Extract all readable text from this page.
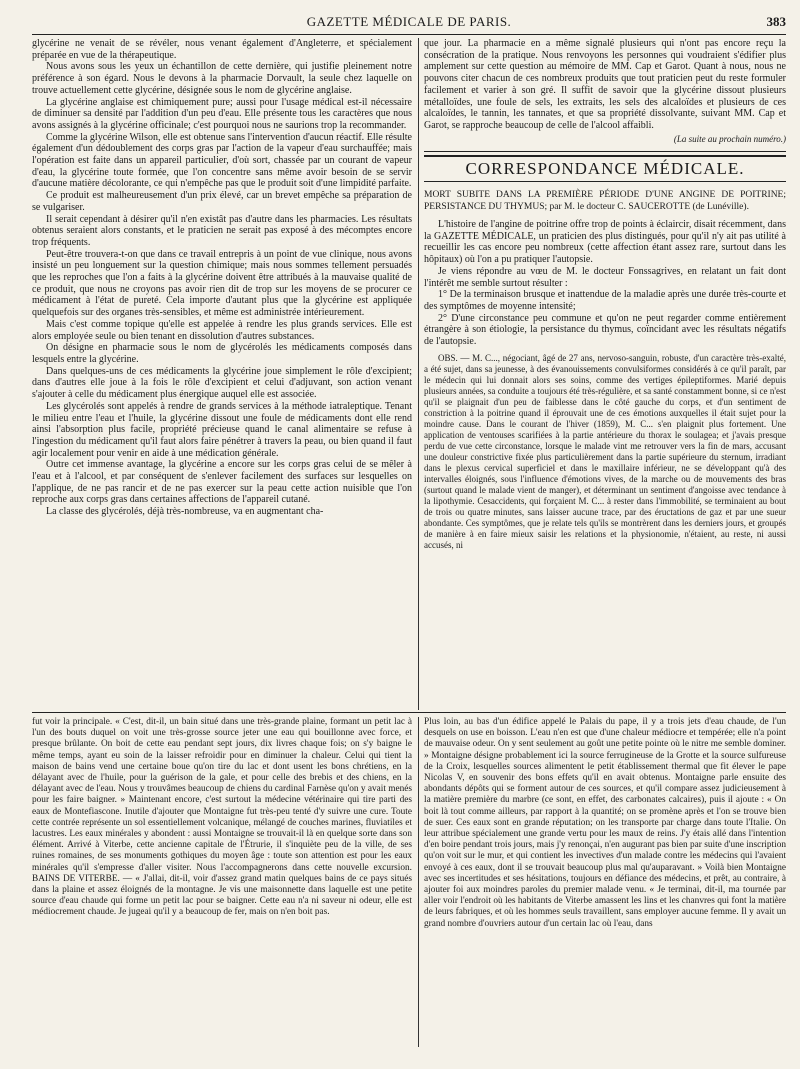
GAZETTE MÉDICALE DE PARIS.	383

glycérine ne venait de se révéler, nous venant également d'Angleterre, et spécialement préparée en vue de la thérapeutique.

Nous avons sous les yeux un échantillon de cette dernière, qui justifie pleinement notre préférence à son égard. Nous le devons à la pharmacie Dorvault, la seule chez laquelle on trouve actuellement cette glycérine, désignée sous le nom de glycérine anglaise.

La glycérine anglaise est chimiquement pure; aussi pour l'usage médical est-il nécessaire de diminuer sa densité par l'addition d'un peu d'eau. Elle présente tous les caractères que nous avons assignés à la glycérine officinale; c'est pourquoi nous ne saurions trop la recommander.

Comme la glycérine Wilson, elle est obtenue sans l'intervention d'aucun réactif. Elle résulte également d'un dédoublement des corps gras par l'action de la vapeur d'eau surchauffée; mais l'opération est faite dans un appareil particulier, d'où sort, chassée par un courant de vapeur d'eau, la glycérine toute formée, que l'on concentre sans même avoir besoin de se servir d'aucune matière décolorante, ce qui n'empêche pas que le produit soit d'une limpidité parfaite.

Ce produit est malheureusement d'un prix élevé, car un brevet empêche sa préparation de se vulgariser.

Il serait cependant à désirer qu'il n'en existât pas d'autre dans les pharmacies. Les résultats obtenus seraient alors constants, et le praticien ne serait pas exposé à des mécomptes encore trop fréquents.

Peut-être trouvera-t-on que dans ce travail entrepris à un point de vue clinique, nous avons insisté un peu longuement sur la question chimique; mais nous sommes tellement persuadés que les reproches que l'on a faits à la glycérine doivent être attribués à la mauvaise qualité de ce produit, que nous ne croyons pas avoir rien dit de trop sur les moyens de se procurer ce médicament à l'état de pureté. Cela importe d'autant plus que la glycérine est appliquée quelquefois sur des organes très-sensibles, et même est administrée intérieurement.

Mais c'est comme topique qu'elle est appelée à rendre les plus grands services. Elle est alors employée seule ou bien tenant en dissolution d'autres substances.

On désigne en pharmacie sous le nom de glycérolés les médicaments composés dans lesquels entre la glycérine.

Dans quelques-uns de ces médicaments la glycérine joue simplement le rôle d'excipient; dans d'autres elle joue à la fois le rôle d'excipient et celui d'adjuvant, son action venant s'ajouter à celle du médicament plus énergique auquel elle est associée.

Les glycérolés sont appelés à rendre de grands services à la méthode iatraleptique. Tenant le milieu entre l'eau et l'huile, la glycérine dissout une foule de médicaments dont elle rend ainsi l'absorption plus facile, propriété précieuse quand le canal alimentaire se refuse à l'ingestion du médicament qu'il faut alors faire pénétrer à travers la peau, ou bien quand il faut agir localement pour venir en aide à une médication générale.

Outre cet immense avantage, la glycérine a encore sur les corps gras celui de se mêler à l'eau et à l'alcool, et par conséquent de s'enlever facilement des surfaces sur lesquelles on l'applique, de ne pas rancir et de ne pas exercer sur la peau cette action nuisible que l'on reproche aux corps gras dans certaines affections de l'appareil cutané.

La classe des glycérolés, déjà très-nombreuse, va en augmentant cha-

que jour. La pharmacie en a même signalé plusieurs qui n'ont pas encore reçu la consécration de la pratique. Nous renvoyons les personnes qui voudraient s'édifier plus amplement sur cette question au mémoire de MM. Cap et Garot. Quant à nous, nous ne pouvons citer chacun de ces nombreux produits que tout praticien peut du reste formuler facilement et varier à son gré. Il suffit de savoir que la glycérine dissout plusieurs métalloïdes, une foule de sels, les extraits, les sels des alcaloïdes et plusieurs de ces alcaloïdes, le tannin, les tannates, et que sa propriété dissolvante, suivant MM. Cap et Garot, se rapproche beaucoup de celle de l'alcool affaibli.

(La suite au prochain numéro.)
CORRESPONDANCE MÉDICALE.
MORT SUBITE DANS LA PREMIÈRE PÉRIODE D'UNE ANGINE DE POITRINE; PERSISTANCE DU THYMUS; par M. le docteur C. SAUCEROTTE (de Lunéville).

L'histoire de l'angine de poitrine offre trop de points à éclaircir, disait récemment, dans la GAZETTE MÉDICALE, un praticien des plus distingués, pour qu'il n'y ait pas utilité à recueillir les cas encore peu nombreux (cette affection étant assez rare, surtout dans les hôpitaux) où l'on a pu pratiquer l'autopsie.

Je viens répondre au vœu de M. le docteur Fonssagrives, en relatant un fait dont l'intérêt me semble surtout résulter :

1° De la terminaison brusque et inattendue de la maladie après une durée très-courte et des symptômes de moyenne intensité;

2° D'une circonstance peu commune et qu'on ne peut regarder comme entièrement étrangère à son étiologie, la persistance du thymus, coïncidant avec les résultats négatifs de l'autopsie.

OBS. — M. C..., négociant, âgé de 27 ans, nervoso-sanguin, robuste, d'un caractère très-exalté, a été sujet, dans sa jeunesse, à des évanouissements convulsiformes considérés à ce qu'il paraît, par le médecin qui lui donnait alors ses soins, comme des vertiges épileptiformes. Marié depuis plusieurs années, sa conduite a toujours été très-régulière, et sa santé constamment bonne, si ce n'est qu'il se plaignait d'un peu de faiblesse dans le côté gauche du corps, et d'un sentiment de constriction à la poitrine quand il éprouvait une de ces émotions auxquelles il était sujet pour la moindre cause. Dans le courant de l'hiver (1859), M. C... s'en plaignit plus fortement. Une application de ventouses scarifiées à la partie antérieure du thorax le soulagea; et j'avais presque perdu de vue cette circonstance, lorsque le malade vint me retrouver vers la fin de mars, accusant une douleur constrictive fixée plus particulièrement dans la partie supérieure du sternum, irradiant dans le plexus cervical superficiel et dans le maxillaire inférieur, ne se développant qu'à des intervalles éloignés, sous l'influence d'émotions vives, de la marche ou de mouvements des bras (surtout quand le malade vient de manger), et déterminant un sentiment d'angoisse avec tendance à la lipothymie. Cesaccidents, qui forçaient M. C... à rester dans l'immobilité, se terminaient au bout de trois ou quatre minutes, sans laisser aucune trace, par des éructations de gaz et par une sueur abondante. Ces symptômes, que je relate tels qu'ils se montrèrent dans les derniers jours, et groupés de manière à en faire mieux saisir les relations et la physionomie, n'étaient, au reste, ni aussi accusés, ni

fut voir la principale. « C'est, dit-il, un bain situé dans une très-grande plaine, formant un petit lac à l'un des bouts duquel on voit une très-grosse source jeter une eau qui bouillonne avec force, et presque brûlante. On boit de cette eau pendant sept jours, dix livres chaque fois; on s'y baigne le même temps, ayant eu soin de la laisser refroidir pour en diminuer la chaleur. Celui qui tient la maison de bains vend une certaine boue qu'on tire du lac et dont usent les bons chrétiens, en la délayant avec de l'huile, pour la guérison de la gale, et pour celle des brebis et des chiens, en la délayant avec de l'eau. Nous y trouvâmes beaucoup de chiens du cardinal Farnèse qu'on y avait menés pour les faire baigner. » Maintenant encore, c'est surtout la médecine vétérinaire qui tire parti des eaux de Montefiascone. Inutile d'ajouter que Montaigne fut très-peu tenté d'y suivre une cure. Toute cette contrée représente un sol essentiellement volcanique, mélangé de couches marines, fluviatiles et lacustres. Les eaux minérales y abondent : aussi Montaigne se trouvait-il là en quelque sorte dans son élément. Arrivé à Viterbe, cette ancienne capitale de l'Étrurie, il s'inquiète peu de la ville, de ses ruines romaines, de ses monuments gothiques du moyen âge : toute son attention est pour les eaux minérales qu'il s'empresse d'aller visiter. Nous l'accompagnerons dans cette nouvelle excursion. BAINS DE VITERBE. — « J'allai, dit-il, voir d'assez grand matin quelques bains de ce pays situés dans la plaine et assez éloignés de la montagne. Je vis une maisonnette dans laquelle est une petite source d'eau chaude qui forme un petit lac pour se baigner. Cette eau n'a ni saveur ni odeur, elle est médiocrement chaude. Je jugeai qu'il y a beaucoup de fer, mais on n'en boit pas.

Plus loin, au bas d'un édifice appelé le Palais du pape, il y a trois jets d'eau chaude, de l'un desquels on use en boisson. L'eau n'en est que d'une chaleur médiocre et tempérée; elle n'a point de mauvaise odeur. On y sent seulement au goût une petite pointe où le nitre me semble dominer. » Montaigne désigne probablement ici la source ferrugineuse de la Grotte et la source sulfureuse de la Croix, lesquelles sources alimentent le petit établissement thermal que fit élever le pape Nicolas V, en souvenir des bons effets qu'il en avait obtenus. Montaigne parle ensuite des abondants dépôts qui se forment autour de ces sources, et qu'il compare assez judicieusement à la matière première du marbre (ce sont, en effet, des carbonates calcaires), puis il ajoute : « On boit là tout comme ailleurs, par rapport à la quantité; on se promène après et l'on se trouve bien de suer. Ces eaux sont en grande réputation; on les transporte par charge dans toute l'Italie. On leur attribue spécialement une grande vertu pour les maux de reins. J'y étais allé dans l'intention d'en boire pendant trois jours, mais j'y renonçai, n'en augurant pas bien par suite d'une inscription qu'on voit sur le mur, et qui contient les invectives d'un malade contre les médecins qui l'avaient envoyé à ces eaux, dont il se trouvait beaucoup plus mal qu'auparavant. » Voilà bien Montaigne avec ses incertitudes et ses hésitations, toujours en défiance des médecins, et prêt, au contraire, à ajouter foi aux moindres paroles du premier malade venu. « Je terminai, dit-il, ma tournée par aller voir l'endroit où les habitants de Viterbe amassent les lins et les chanvres qui font la matière de leurs fabriques, et où les hommes seuls travaillent, sans employer aucune femme. Il y avait un grand nombre d'ouvriers autour d'un certain lac où l'eau, dans
